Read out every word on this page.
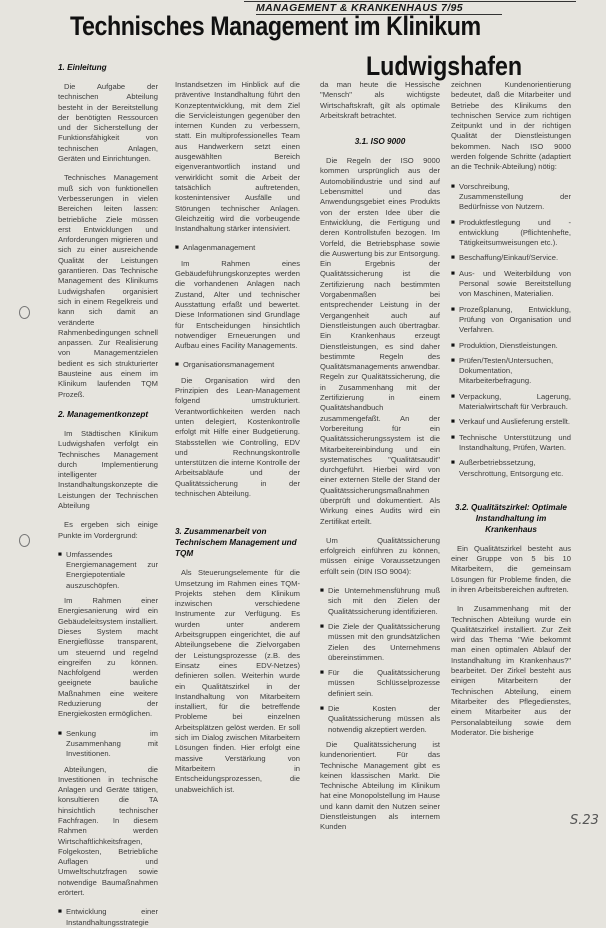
MANAGEMENT & KRANKENHAUS 7/95
Technisches Management im Klinikum
Ludwigshafen
1. Einleitung

Die Aufgabe der technischen Abteilung besteht in der Bereitstellung der benötigten Ressourcen und der Sicherstellung der Funktionsfähigkeit von technischen Anlagen, Geräten und Einrichtungen.

Technisches Management muß sich von funktionellen Verbesserungen in vielen Bereichen leiten lassen: betriebliche Ziele müssen erst Entwicklungen und Anforderungen migrieren und sich zu einer ausreichende Qualität der Leistungen garantieren. Das Technische Management des Klinikums Ludwigshafen organisiert sich in einem Regelkreis und kann sich damit an veränderte Rahmenbedingungen schnell anpassen. Zur Realisierung von Managementzielen bedient es sich strukturierter Bausteine aus einem im Klinikum laufenden TQM Prozeß.

2. Managementkonzept

Im Städtischen Klinikum Ludwigshafen verfolgt ein Technisches Management durch Implementierung intelligenter Instandhaltungskonzepte die Leistungen der Technischen Abteilung

Es ergeben sich einige Punkte im Vordergrund:

■ Umfassendes Energiemanagement zur Energiepotentiale auszuschöpfen.

Im Rahmen einer Energiesanierung wird ein Gebäudeleitsystem installiert. Dieses System macht Energieflüsse transparent, um steuernd und regelnd eingreifen zu können. Nachfolgend werden geeignete bauliche Maßnahmen eine weitere Reduzierung der Energiekosten ermöglichen.

■ Senkung im Zusammenhang mit Investitionen.

Abteilungen, die Investitionen in technische Anlagen und Geräte tätigen, konsultieren die TA hinsichtlich technischer Fachfragen. In diesem Rahmen werden Wirtschaftlichkeitsfragen, Folgekosten, Betriebliche Auflagen und Umweltschutzfragen sowie notwendige Baumaßnahmen erörtert.

■ Entwicklung einer Instandhaltungsstrategie

Instandsetzen im Hinblick auf die präventive Instandhaltung führt den Konzeptentwicklung, mit dem Ziel die Servicleistungen gegenüber den internen Kunden zu verbessern, statt. Ein multiprofessionelles Team aus Handwerkern setzt einen ausgewählten Bereich eigenverantwortlich instand und verwirklicht somit die Arbeit der tatsächlich auftretenden, kostenintensiver Ausfälle und Störungen technischer Anlagen. Gleichzeitig wird die vorbeugende Instandhaltung stärker intensiviert.

■ Anlagenmanagement

Im Rahmen eines Gebäudeführungskonzeptes werden die vorhandenen Anlagen nach Zustand, Alter und technischer Ausstattung erfaßt und bewertet. Diese Informationen sind Grundlage für Entscheidungen hinsichtlich notwendiger Erneuerungen und Aufbau eines Facility Managements.

■ Organisationsmanagement

Die Organisation wird den Prinzipien des Lean-Management folgend umstrukturiert. Verantwortlichkeiten werden nach unten delegiert, Kostenkontrolle erfolgt mit Hilfe einer Budgetierung. Stabsstellen wie Controlling, EDV und Rechnungskontrolle unterstützen die interne Kontrolle der Arbeitsabläufe und der Qualitätssicherung in der technischen Abteilung.

3. Zusammenarbeit von Technischem Management und TQM

Als Steuerungselemente für die Umsetzung im Rahmen eines TQM-Projekts stehen dem Klinikum inzwischen verschiedene Instrumente zur Verfügung. Es wurden unter anderem Arbeitsgruppen eingerichtet, die auf Abteilungsebene die Zielvorgaben der Leistungsprozesse (z.B. des Einsatz eines EDV-Netzes) definieren sollen. Weiterhin wurde ein Qualitätszirkel in der Instandhaltung von Mitarbeitern installiert, für die betreffende Probleme bei einzelnen Arbeitsplätzen gelöst werden. Er soll sich im Dialog zwischen Mitarbeitern Lösungen finden. Hier erfolgt eine massive Verstärkung von Mitarbeitern in Entscheidungsprozessen, die unabweichlich ist.

da man heute die Hessische "Mensch" als wichtigste Wirtschaftskraft, gilt als optimale Arbeitskraft betrachtet.

3.1. ISO 9000

Die Regeln der ISO 9000 kommen ursprünglich aus der Automobilindustrie und sind auf Lebensmittel und das Anwendungsgebiet eines Produkts von der ersten Idee über die Entwicklung, die Fertigung und deren Kontrollstufen bezogen. Im Vorfeld, die Betriebsphase sowie die Auswertung bis zur Entsorgung. Ein Ergebnis der Qualitätssicherung ist die Zertifizierung nach bestimmten Vorgabenmaßen bei entsprechender Leistung in der Vergangenheit auch auf Dienstleistungen auch übertragbar. Ein Krankenhaus erzeugt Dienstleistungen, es sind daher bestimmte Regeln des Qualitätsmanagements anwendbar. Regeln zur Qualitätssicherung, die in Zusammenhang mit der Zertifizierung in einem Qualitätshandbuch zusammengefaßt. An der Vorbereitung für ein Qualitätssicherungssystem ist die Mitarbeitereinbindung und ein systematisches "Qualitätsaudit" durchgeführt. Hierbei wird von einer externen Stelle der Stand der Qualitätssicherungsmaßnahmen überprüft und dokumentiert. Als Wirkung eines Audits wird ein Zertifikat erteilt.

Um Qualitätssicherung erfolgreich einführen zu können, müssen einige Voraussetzungen erfüllt sein (DIN ISO 9004):

■ Die Unternehmensführung muß sich mit den Zielen der Qualitätssicherung identifizieren.
■ Die Ziele der Qualitätssicherung müssen mit den grundsätzlichen Zielen des Unternehmens übereinstimmen.
■ Für die Qualitätssicherung müssen Schlüsselprozesse definiert sein.
■ Die Kosten der Qualitätssicherung müssen als notwendig akzeptiert werden.

Die Qualitätssicherung ist kundenorientiert. Für das Technische Management gibt es keinen klassischen Markt. Die Technische Abteilung im Klinikum hat eine Monopolstellung im Hause und kann damit den Nutzen seiner Dienstleistungen als internem Kunden

zeichnen Kundenorientierung bedeutet, daß die Mitarbeiter und Betriebe des Klinikums den technischen Service zum richtigen Zeitpunkt und in der richtigen Qualität der Dienstleistungen bekommen. Nach ISO 9000 werden folgende Schritte (adaptiert an die Technik-Abteilung) nötig:

■ Vorschreibung, Zusammenstellung der Bedürfnisse von Nutzern.
■ Produktfestlegung und -entwicklung (Pflichtenhefte, Tätigkeitsumweisungen etc.).
■ Beschaffung/Einkauf/Service.
■ Aus- und Weiterbildung von Personal sowie Bereitstellung von Maschinen, Materialien.
■ Prozeßplanung, Entwicklung, Prüfung von Organisation und Verfahren.
■ Produktion, Dienstleistungen.
■ Prüfen/Testen/Untersuchen, Dokumentation, Mitarbeiterbefragung.
■ Verpackung, Lagerung, Materialwirtschaft für Verbrauch.
■ Verkauf und Auslieferung erstellt.
■ Technische Unterstützung und Instandhaltung, Prüfen, Warten.
■ Außerbetriebssetzung, Verschrottung, Entsorgung etc.
3.2. Qualitätszirkel: Optimale Instandhaltung im Krankenhaus

Ein Qualitätszirkel besteht aus einer Gruppe von 5 bis 10 Mitarbeitern, die gemeinsam Lösungen für Probleme finden, die in ihren Arbeitsbereichen auftreten.

In Zusammenhang mit der Technischen Abteilung wurde ein Qualitätszirkel installiert. Zur Zeit wird das Thema "Wie bekommt man einen optimalen Ablauf der Instandhaltung im Krankenhaus?" bearbeitet. Der Zirkel besteht aus einigen Mitarbeitern der Technischen Abteilung, einem Mitarbeiter des Pflegedienstes, einem Mitarbeiter aus der Personalabteilung sowie dem Moderator. Die bisherige

S.23
